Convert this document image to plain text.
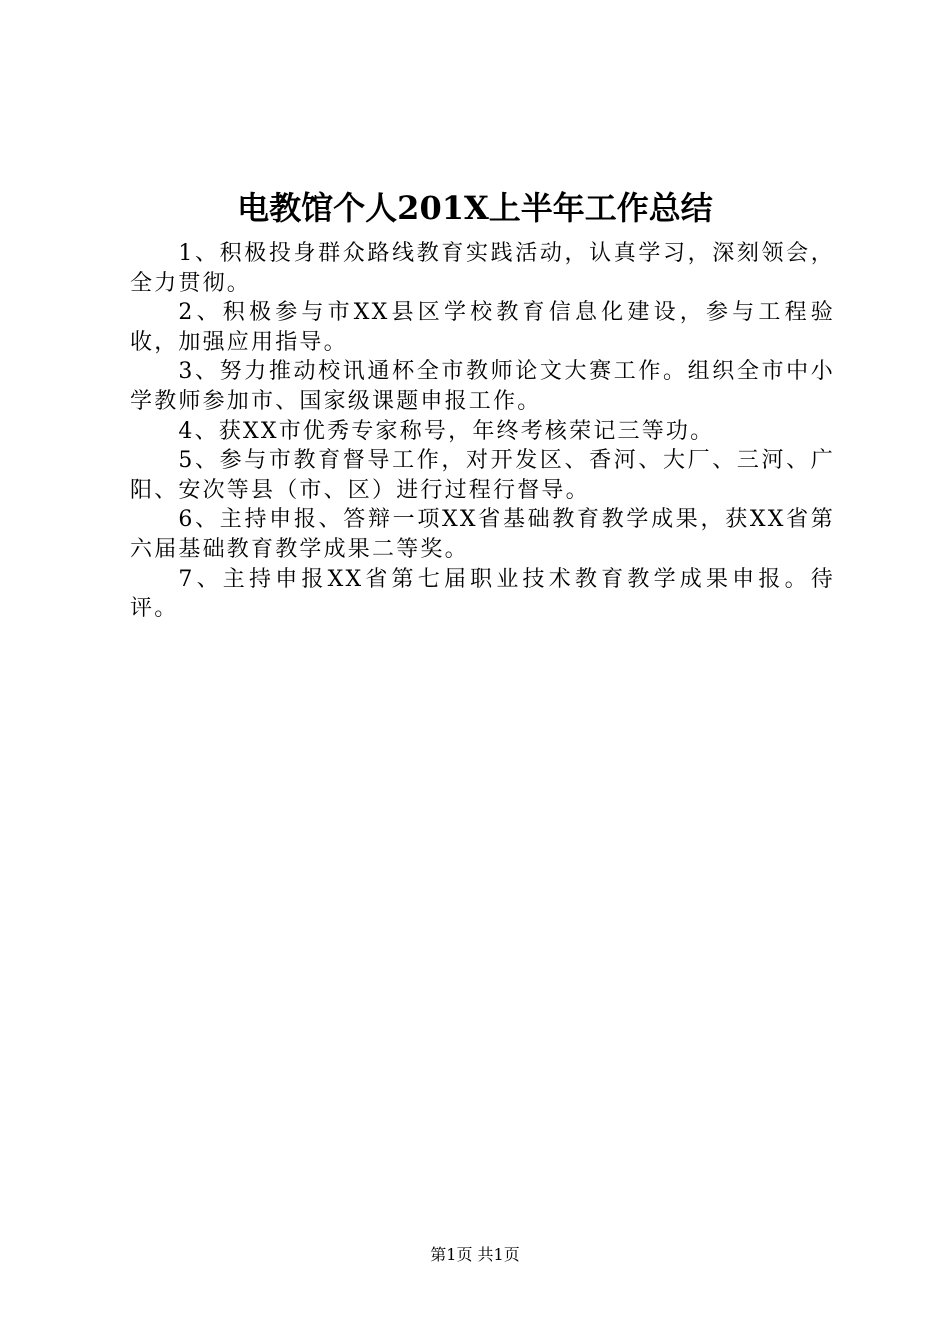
电教馆个人201X上半年工作总结

1、积极投身群众路线教育实践活动，认真学习，深刻领会，全力贯彻。

2、积极参与市XX县区学校教育信息化建设，参与工程验收，加强应用指导。

3、努力推动校讯通杯全市教师论文大赛工作。组织全市中小学教师参加市、国家级课题申报工作。

4、获XX市优秀专家称号，年终考核荣记三等功。

5、参与市教育督导工作，对开发区、香河、大厂、三河、广阳、安次等县（市、区）进行过程行督导。

6、主持申报、答辩一项XX省基础教育教学成果，获XX省第六届基础教育教学成果二等奖。

7、主持申报XX省第七届职业技术教育教学成果申报。待评。

第1页 共1页
